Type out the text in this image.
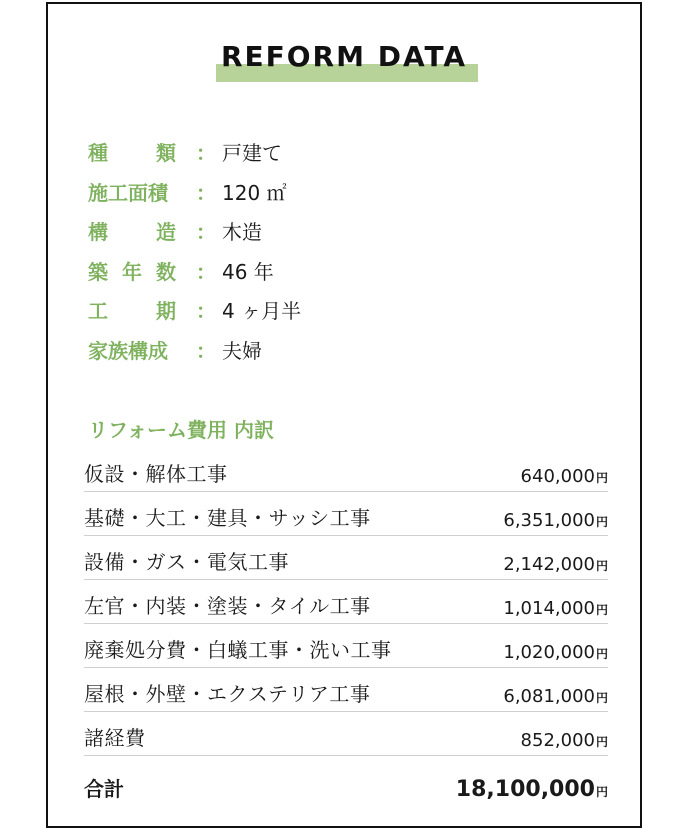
REFORM DATA
種 類 ： 戸建て
施工面積	： 120 ㎡
構 造 ： 木造
築 年 数 ： 46 年
工 期 ： 4 ヶ月半
家族構成	： 夫婦
リフォーム費用 内訳
仮設・解体工事	640,000円
基礎・大工・建具・サッシ工事	6,351,000円
設備・ガス・電気工事	2,142,000円
左官・内装・塗装・タイル工事	1,014,000円
廃棄処分費・白蟻工事・洗い工事	1,020,000円
屋根・外壁・エクステリア工事	6,081,000円
諸経費	852,000円
合計	18,100,000円
